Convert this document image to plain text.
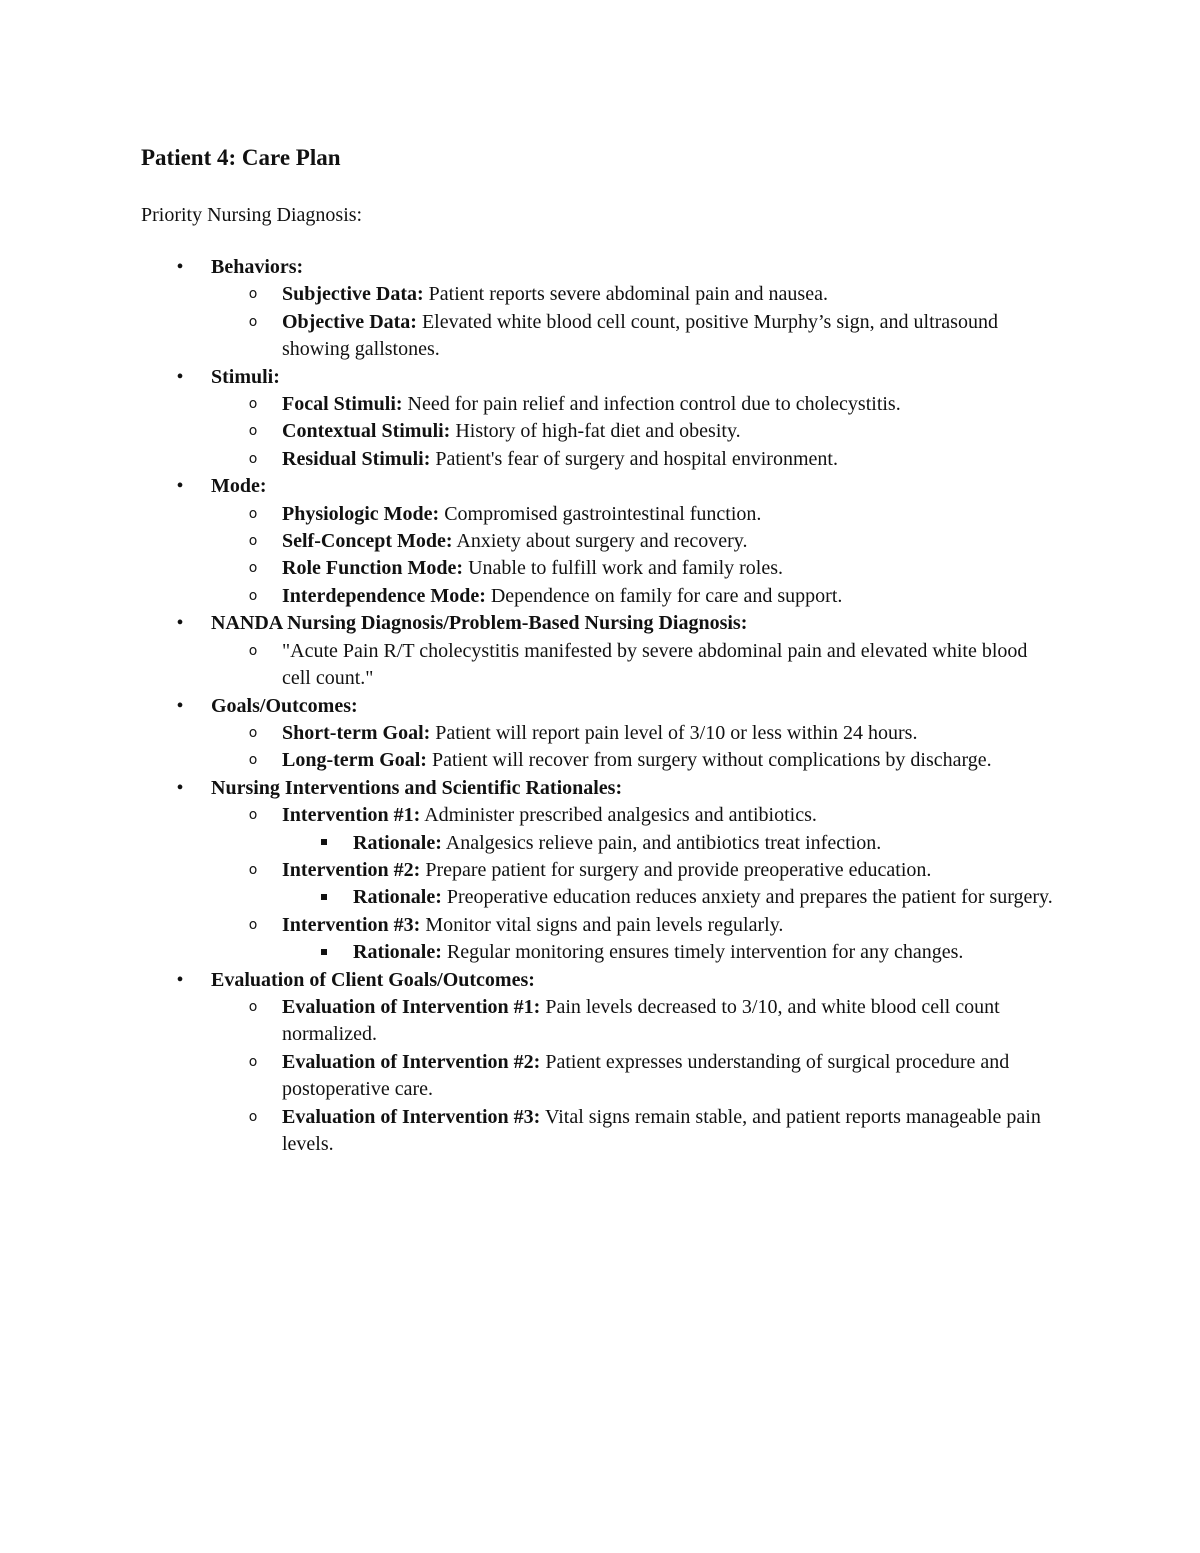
Patient 4: Care Plan

Priority Nursing Diagnosis:

• Behaviors:
o Subjective Data: Patient reports severe abdominal pain and nausea.
o Objective Data: Elevated white blood cell count, positive Murphy’s sign, and ultrasound showing gallstones.
• Stimuli:
o Focal Stimuli: Need for pain relief and infection control due to cholecystitis.
o Contextual Stimuli: History of high-fat diet and obesity.
o Residual Stimuli: Patient's fear of surgery and hospital environment.
• Mode:
o Physiologic Mode: Compromised gastrointestinal function.
o Self-Concept Mode: Anxiety about surgery and recovery.
o Role Function Mode: Unable to fulfill work and family roles.
o Interdependence Mode: Dependence on family for care and support.
• NANDA Nursing Diagnosis/Problem-Based Nursing Diagnosis:
o "Acute Pain R/T cholecystitis manifested by severe abdominal pain and elevated white blood cell count."
• Goals/Outcomes:
o Short-term Goal: Patient will report pain level of 3/10 or less within 24 hours.
o Long-term Goal: Patient will recover from surgery without complications by discharge.
• Nursing Interventions and Scientific Rationales:
o Intervention #1: Administer prescribed analgesics and antibiotics.
Rationale: Analgesics relieve pain, and antibiotics treat infection.
o Intervention #2: Prepare patient for surgery and provide preoperative education.
Rationale: Preoperative education reduces anxiety and prepares the patient for surgery.
o Intervention #3: Monitor vital signs and pain levels regularly.
Rationale: Regular monitoring ensures timely intervention for any changes.
• Evaluation of Client Goals/Outcomes:
o Evaluation of Intervention #1: Pain levels decreased to 3/10, and white blood cell count normalized.
o Evaluation of Intervention #2: Patient expresses understanding of surgical procedure and postoperative care.
o Evaluation of Intervention #3: Vital signs remain stable, and patient reports manageable pain levels.
